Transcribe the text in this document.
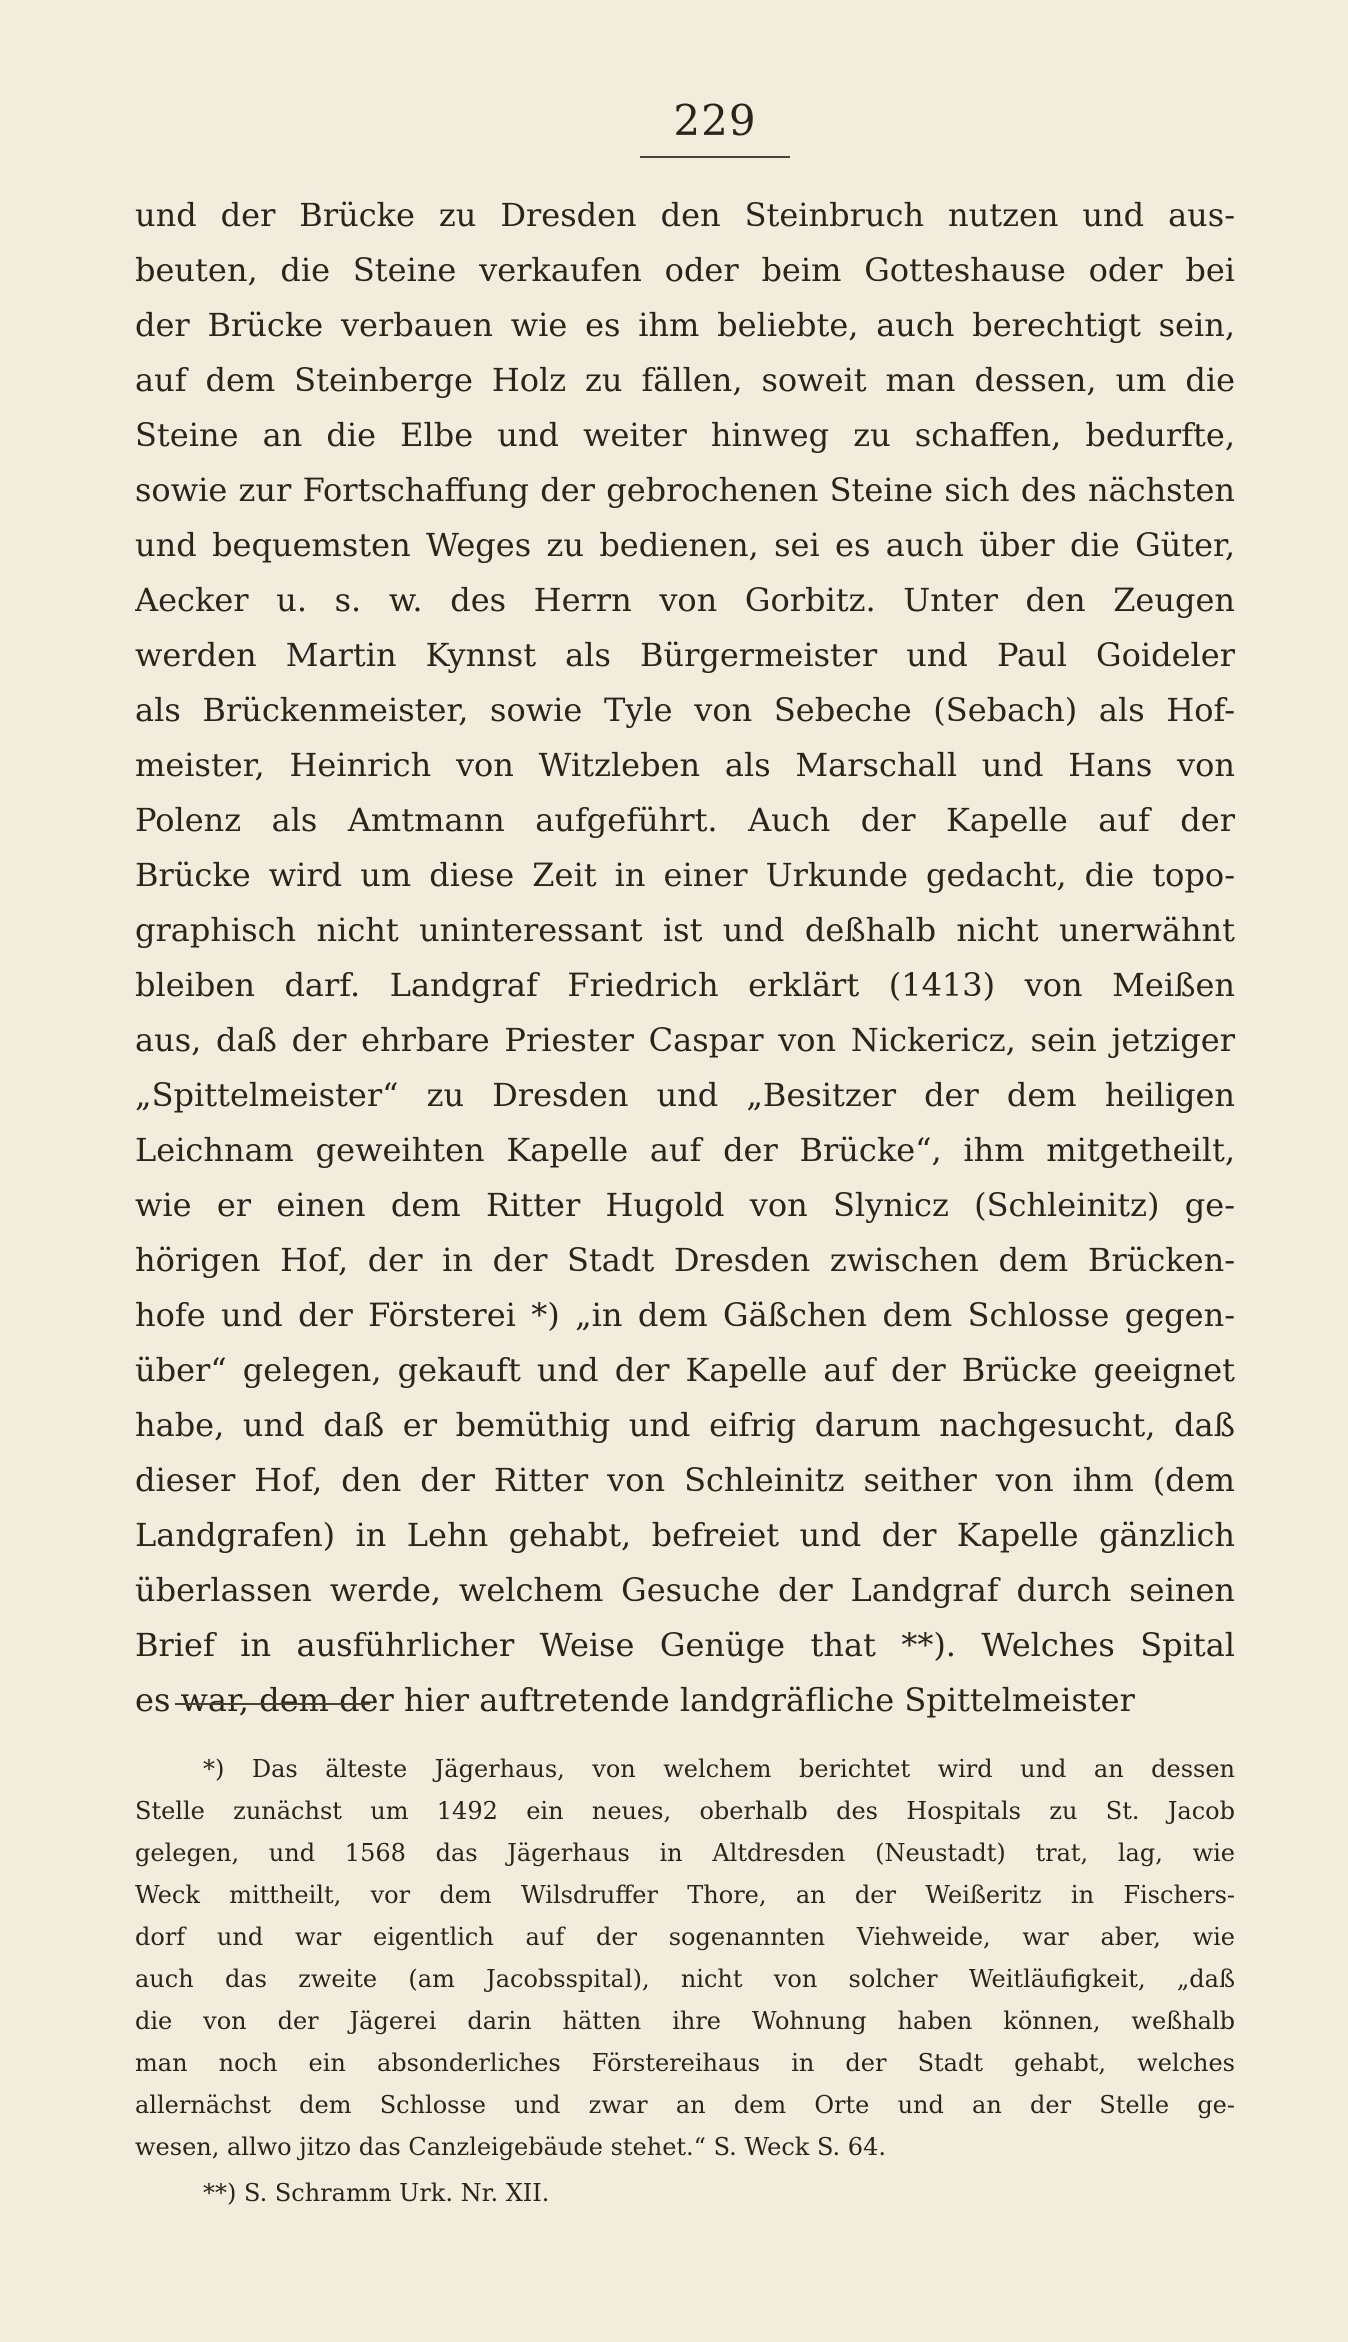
229
und der Brücke zu Dresden den Steinbruch nutzen und aus-
beuten, die Steine verkaufen oder beim Gotteshause oder bei
der Brücke verbauen wie es ihm beliebte, auch berechtigt sein,
auf dem Steinberge Holz zu fällen, soweit man dessen, um die
Steine an die Elbe und weiter hinweg zu schaffen, bedurfte,
sowie zur Fortschaffung der gebrochenen Steine sich des nächsten
und bequemsten Weges zu bedienen, sei es auch über die Güter,
Aecker u. s. w. des Herrn von Gorbitz. Unter den Zeugen
werden Martin Kynnst als Bürgermeister und Paul Goideler
als Brückenmeister, sowie Tyle von Sebeche (Sebach) als Hof-
meister, Heinrich von Witzleben als Marschall und Hans von
Polenz als Amtmann aufgeführt. Auch der Kapelle auf der
Brücke wird um diese Zeit in einer Urkunde gedacht, die topo-
graphisch nicht uninteressant ist und deßhalb nicht unerwähnt
bleiben darf. Landgraf Friedrich erklärt (1413) von Meißen
aus, daß der ehrbare Priester Caspar von Nickericz, sein jetziger
„Spittelmeister“ zu Dresden und „Besitzer der dem heiligen
Leichnam geweihten Kapelle auf der Brücke“, ihm mitgetheilt,
wie er einen dem Ritter Hugold von Slynicz (Schleinitz) ge-
hörigen Hof, der in der Stadt Dresden zwischen dem Brücken-
hofe und der Försterei *) „in dem Gäßchen dem Schlosse gegen-
über“ gelegen, gekauft und der Kapelle auf der Brücke geeignet
habe, und daß er bemüthig und eifrig darum nachgesucht, daß
dieser Hof, den der Ritter von Schleinitz seither von ihm (dem
Landgrafen) in Lehn gehabt, befreiet und der Kapelle gänzlich
überlassen werde, welchem Gesuche der Landgraf durch seinen
Brief in ausführlicher Weise Genüge that **). Welches Spital
es war, dem der hier auftretende landgräfliche Spittelmeister
*) Das älteste Jägerhaus, von welchem berichtet wird und an dessen
Stelle zunächst um 1492 ein neues, oberhalb des Hospitals zu St. Jacob
gelegen, und 1568 das Jägerhaus in Altdresden (Neustadt) trat, lag, wie
Weck mittheilt, vor dem Wilsdruffer Thore, an der Weißeritz in Fischers-
dorf und war eigentlich auf der sogenannten Viehweide, war aber, wie
auch das zweite (am Jacobsspital), nicht von solcher Weitläufigkeit, „daß
die von der Jägerei darin hätten ihre Wohnung haben können, weßhalb
man noch ein absonderliches Förstereihaus in der Stadt gehabt, welches
allernächst dem Schlosse und zwar an dem Orte und an der Stelle ge-
wesen, allwo jitzo das Canzleigebäude stehet.“ S. Weck S. 64.
**) S. Schramm Urk. Nr. XII.
